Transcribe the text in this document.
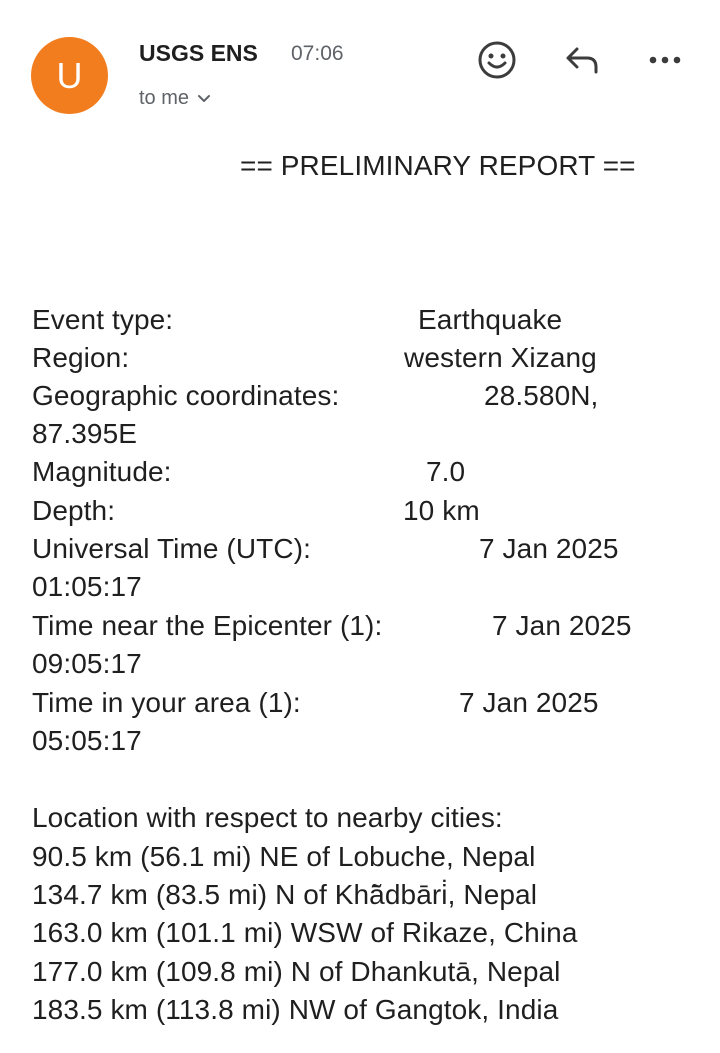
U
USGS ENS 07:06
to me
== PRELIMINARY REPORT ==
Event type:	Earthquake
Region:	western Xizang
Geographic coordinates:	28.580N,
87.395E
Magnitude:	7.0
Depth:	10 km
Universal Time (UTC):	7 Jan 2025
01:05:17
Time near the Epicenter (1):	7 Jan 2025
09:05:17
Time in your area (1):	7 Jan 2025
05:05:17
Location with respect to nearby cities:
90.5 km (56.1 mi) NE of Lobuche, Nepal
134.7 km (83.5 mi) N of Khā̃dbāri̇, Nepal
163.0 km (101.1 mi) WSW of Rikaze, China
177.0 km (109.8 mi) N of Dhankutā, Nepal
183.5 km (113.8 mi) NW of Gangtok, India
